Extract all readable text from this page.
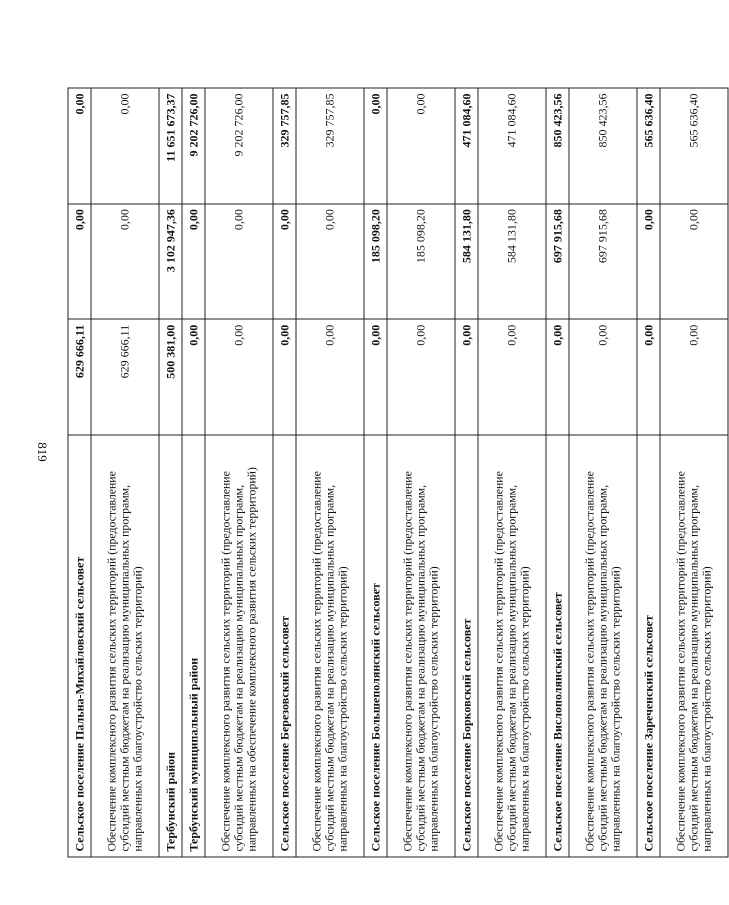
819
Сельское поселение Пальна-Михайловский сельсовет	629 666,11	0,00	0,00
Обеспечение комплексного развития сельских территорий (предоставление субсидий местным бюджетам на реализацию муниципальных программ, направленных на благоустройство сельских территорий)	629 666,11	0,00	0,00
Тербунский район	500 381,00	3 102 947,36	11 651 673,37
Тербунский муниципальный район	0,00	0,00	9 202 726,00
Обеспечение комплексного развития сельских территорий (предоставление субсидий местным бюджетам на реализацию муниципальных программ, направленных на обеспечение комплексного развития сельских территорий)	0,00	0,00	9 202 726,00
Сельское поселение Березовский сельсовет	0,00	0,00	329 757,85
Обеспечение комплексного развития сельских территорий (предоставление субсидий местным бюджетам на реализацию муниципальных программ, направленных на благоустройство сельских территорий)	0,00	0,00	329 757,85
Сельское поселение Большеполянский сельсовет	0,00	185 098,20	0,00
Обеспечение комплексного развития сельских территорий (предоставление субсидий местным бюджетам на реализацию муниципальных программ, направленных на благоустройство сельских территорий)	0,00	185 098,20	0,00
Сельское поселение Борковский сельсовет	0,00	584 131,80	471 084,60
Обеспечение комплексного развития сельских территорий (предоставление субсидий местным бюджетам на реализацию муниципальных программ, направленных на благоустройство сельских территорий)	0,00	584 131,80	471 084,60
Сельское поселение Вислополянский сельсовет	0,00	697 915,68	850 423,56
Обеспечение комплексного развития сельских территорий (предоставление субсидий местным бюджетам на реализацию муниципальных программ, направленных на благоустройство сельских территорий)	0,00	697 915,68	850 423,56
Сельское поселение Зареченский сельсовет	0,00	0,00	565 636,40
Обеспечение комплексного развития сельских территорий (предоставление субсидий местным бюджетам на реализацию муниципальных программ, направленных на благоустройство сельских территорий)	0,00	0,00	565 636,40
